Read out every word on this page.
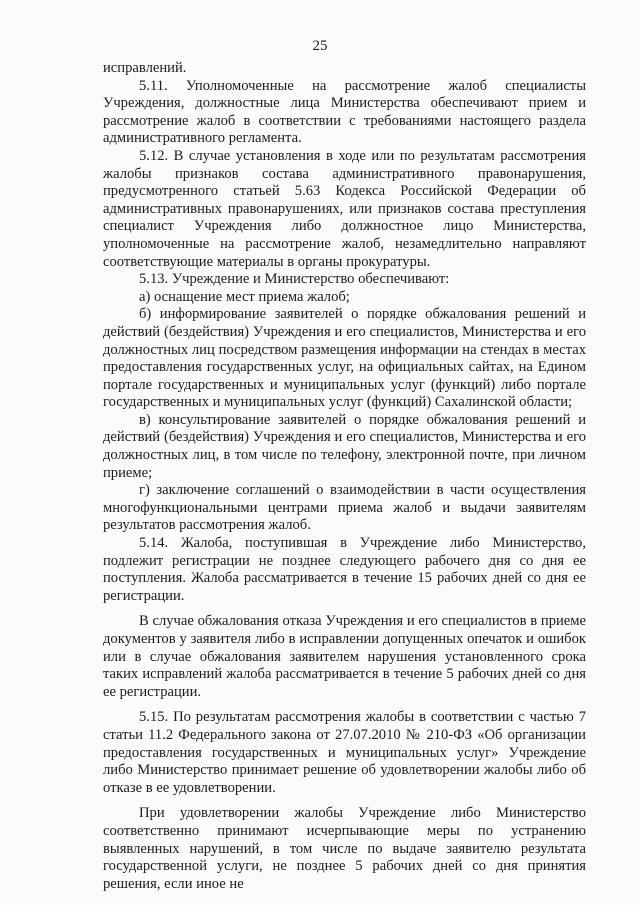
25

исправлений.

5.11. Уполномоченные на рассмотрение жалоб специалисты Учреждения, должностные лица Министерства обеспечивают прием и рассмотрение жалоб в соответствии с требованиями настоящего раздела административного регламента.

5.12. В случае установления в ходе или по результатам рассмотрения жалобы признаков состава административного правонарушения, предусмотренного статьей 5.63 Кодекса Российской Федерации об административных правонарушениях, или признаков состава преступления специалист Учреждения либо должностное лицо Министерства, уполномоченные на рассмотрение жалоб, незамедлительно направляют соответствующие материалы в органы прокуратуры.

5.13. Учреждение и Министерство обеспечивают:

а) оснащение мест приема жалоб;

б) информирование заявителей о порядке обжалования решений и действий (бездействия) Учреждения и его специалистов, Министерства и его должностных лиц посредством размещения информации на стендах в местах предоставления государственных услуг, на официальных сайтах, на Едином портале государственных и муниципальных услуг (функций) либо портале государственных и муниципальных услуг (функций) Сахалинской области;

в) консультирование заявителей о порядке обжалования решений и действий (бездействия) Учреждения и его специалистов, Министерства и его должностных лиц, в том числе по телефону, электронной почте, при личном приеме;

г) заключение соглашений о взаимодействии в части осуществления многофункциональными центрами приема жалоб и выдачи заявителям результатов рассмотрения жалоб.

5.14. Жалоба, поступившая в Учреждение либо Министерство, подлежит регистрации не позднее следующего рабочего дня со дня ее поступления. Жалоба рассматривается в течение 15 рабочих дней со дня ее регистрации.

В случае обжалования отказа Учреждения и его специалистов в приеме документов у заявителя либо в исправлении допущенных опечаток и ошибок или в случае обжалования заявителем нарушения установленного срока таких исправлений жалоба рассматривается в течение 5 рабочих дней со дня ее регистрации.

5.15. По результатам рассмотрения жалобы в соответствии с частью 7 статьи 11.2 Федерального закона от 27.07.2010 № 210-ФЗ «Об организации предоставления государственных и муниципальных услуг» Учреждение либо Министерство принимает решение об удовлетворении жалобы либо об отказе в ее удовлетворении.

При удовлетворении жалобы Учреждение либо Министерство соответственно принимают исчерпывающие меры по устранению выявленных нарушений, в том числе по выдаче заявителю результата государственной услуги, не позднее 5 рабочих дней со дня принятия решения, если иное не
